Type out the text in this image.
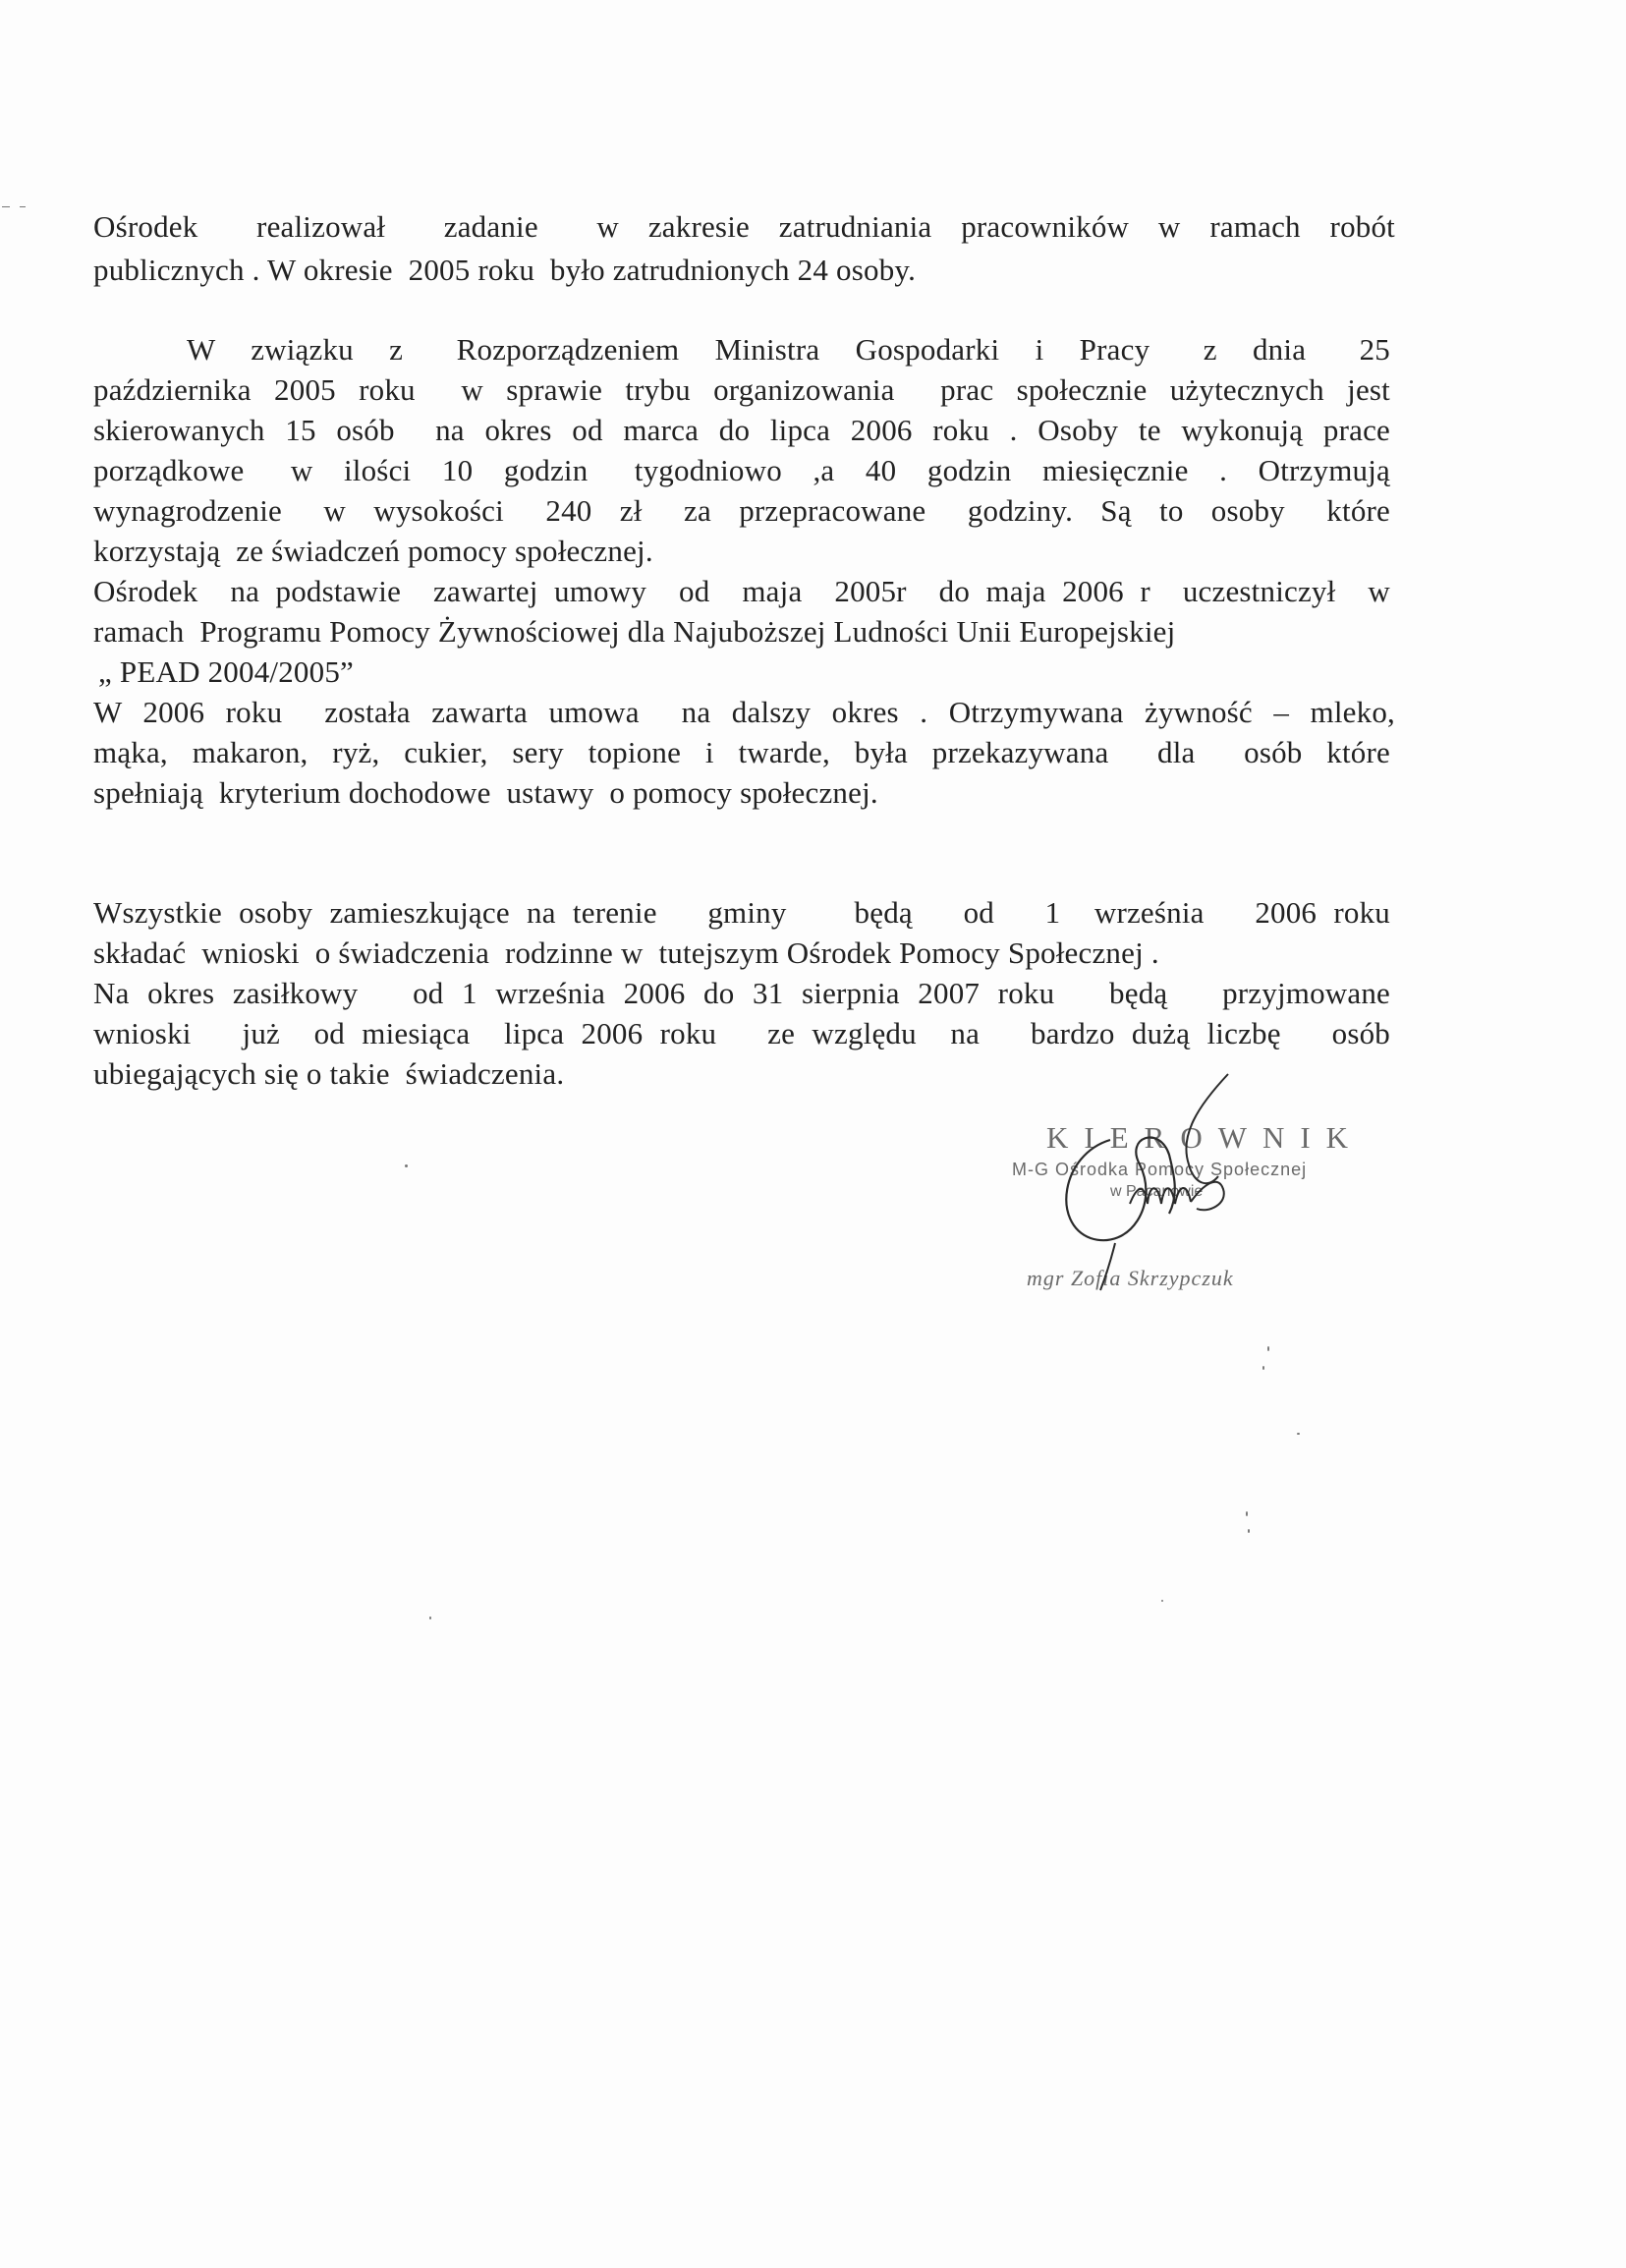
Ośrodek  realizował  zadanie  w zakresie zatrudniania pracowników w ramach robót
publicznych . W okresie  2005 roku  było zatrudnionych 24 osoby.
W  związku  z   Rozporządzeniem  Ministra  Gospodarki  i  Pracy   z  dnia   25
października 2005 roku  w sprawie trybu organizowania  prac społecznie użytecznych jest
skierowanych 15 osób  na okres od marca do lipca 2006 roku . Osoby te wykonują prace
porządkowe   w  ilości  10  godzin   tygodniowo  ,a  40  godzin  miesięcznie  .  Otrzymują
wynagrodzenie   w  wysokości   240  zł   za  przepracowane   godziny.  Są  to  osoby   które
korzystają  ze świadczeń pomocy społecznej.
Ośrodek  na podstawie  zawartej umowy  od  maja  2005r  do maja 2006 r  uczestniczył  w
ramach  Programu Pomocy Żywnościowej dla Najuboższej Ludności Unii Europejskiej
„ PEAD 2004/2005”
W 2006 roku  została zawarta umowa  na dalszy okres . Otrzymywana żywność – mleko,
mąka, makaron, ryż, cukier, sery topione i twarde, była przekazywana  dla  osób które
spełniają  kryterium dochodowe  ustawy  o pomocy społecznej.
Wszystkie osoby zamieszkujące na terenie   gminy    będą   od   1  września   2006 roku
składać  wnioski  o świadczenia  rodzinne w  tutejszym Ośrodek Pomocy Społecznej .
Na okres zasiłkowy   od 1 września 2006 do 31 sierpnia 2007 roku   będą   przyjmowane
wnioski   już  od miesiąca  lipca 2006 roku   ze względu  na   bardzo dużą liczbę   osób
ubiegających się o takie  świadczenia.
KIEROWNIK
M-G Ośrodka Pomocy Społecznej
w Pacanowie
mgr Zofia Skrzypczuk
